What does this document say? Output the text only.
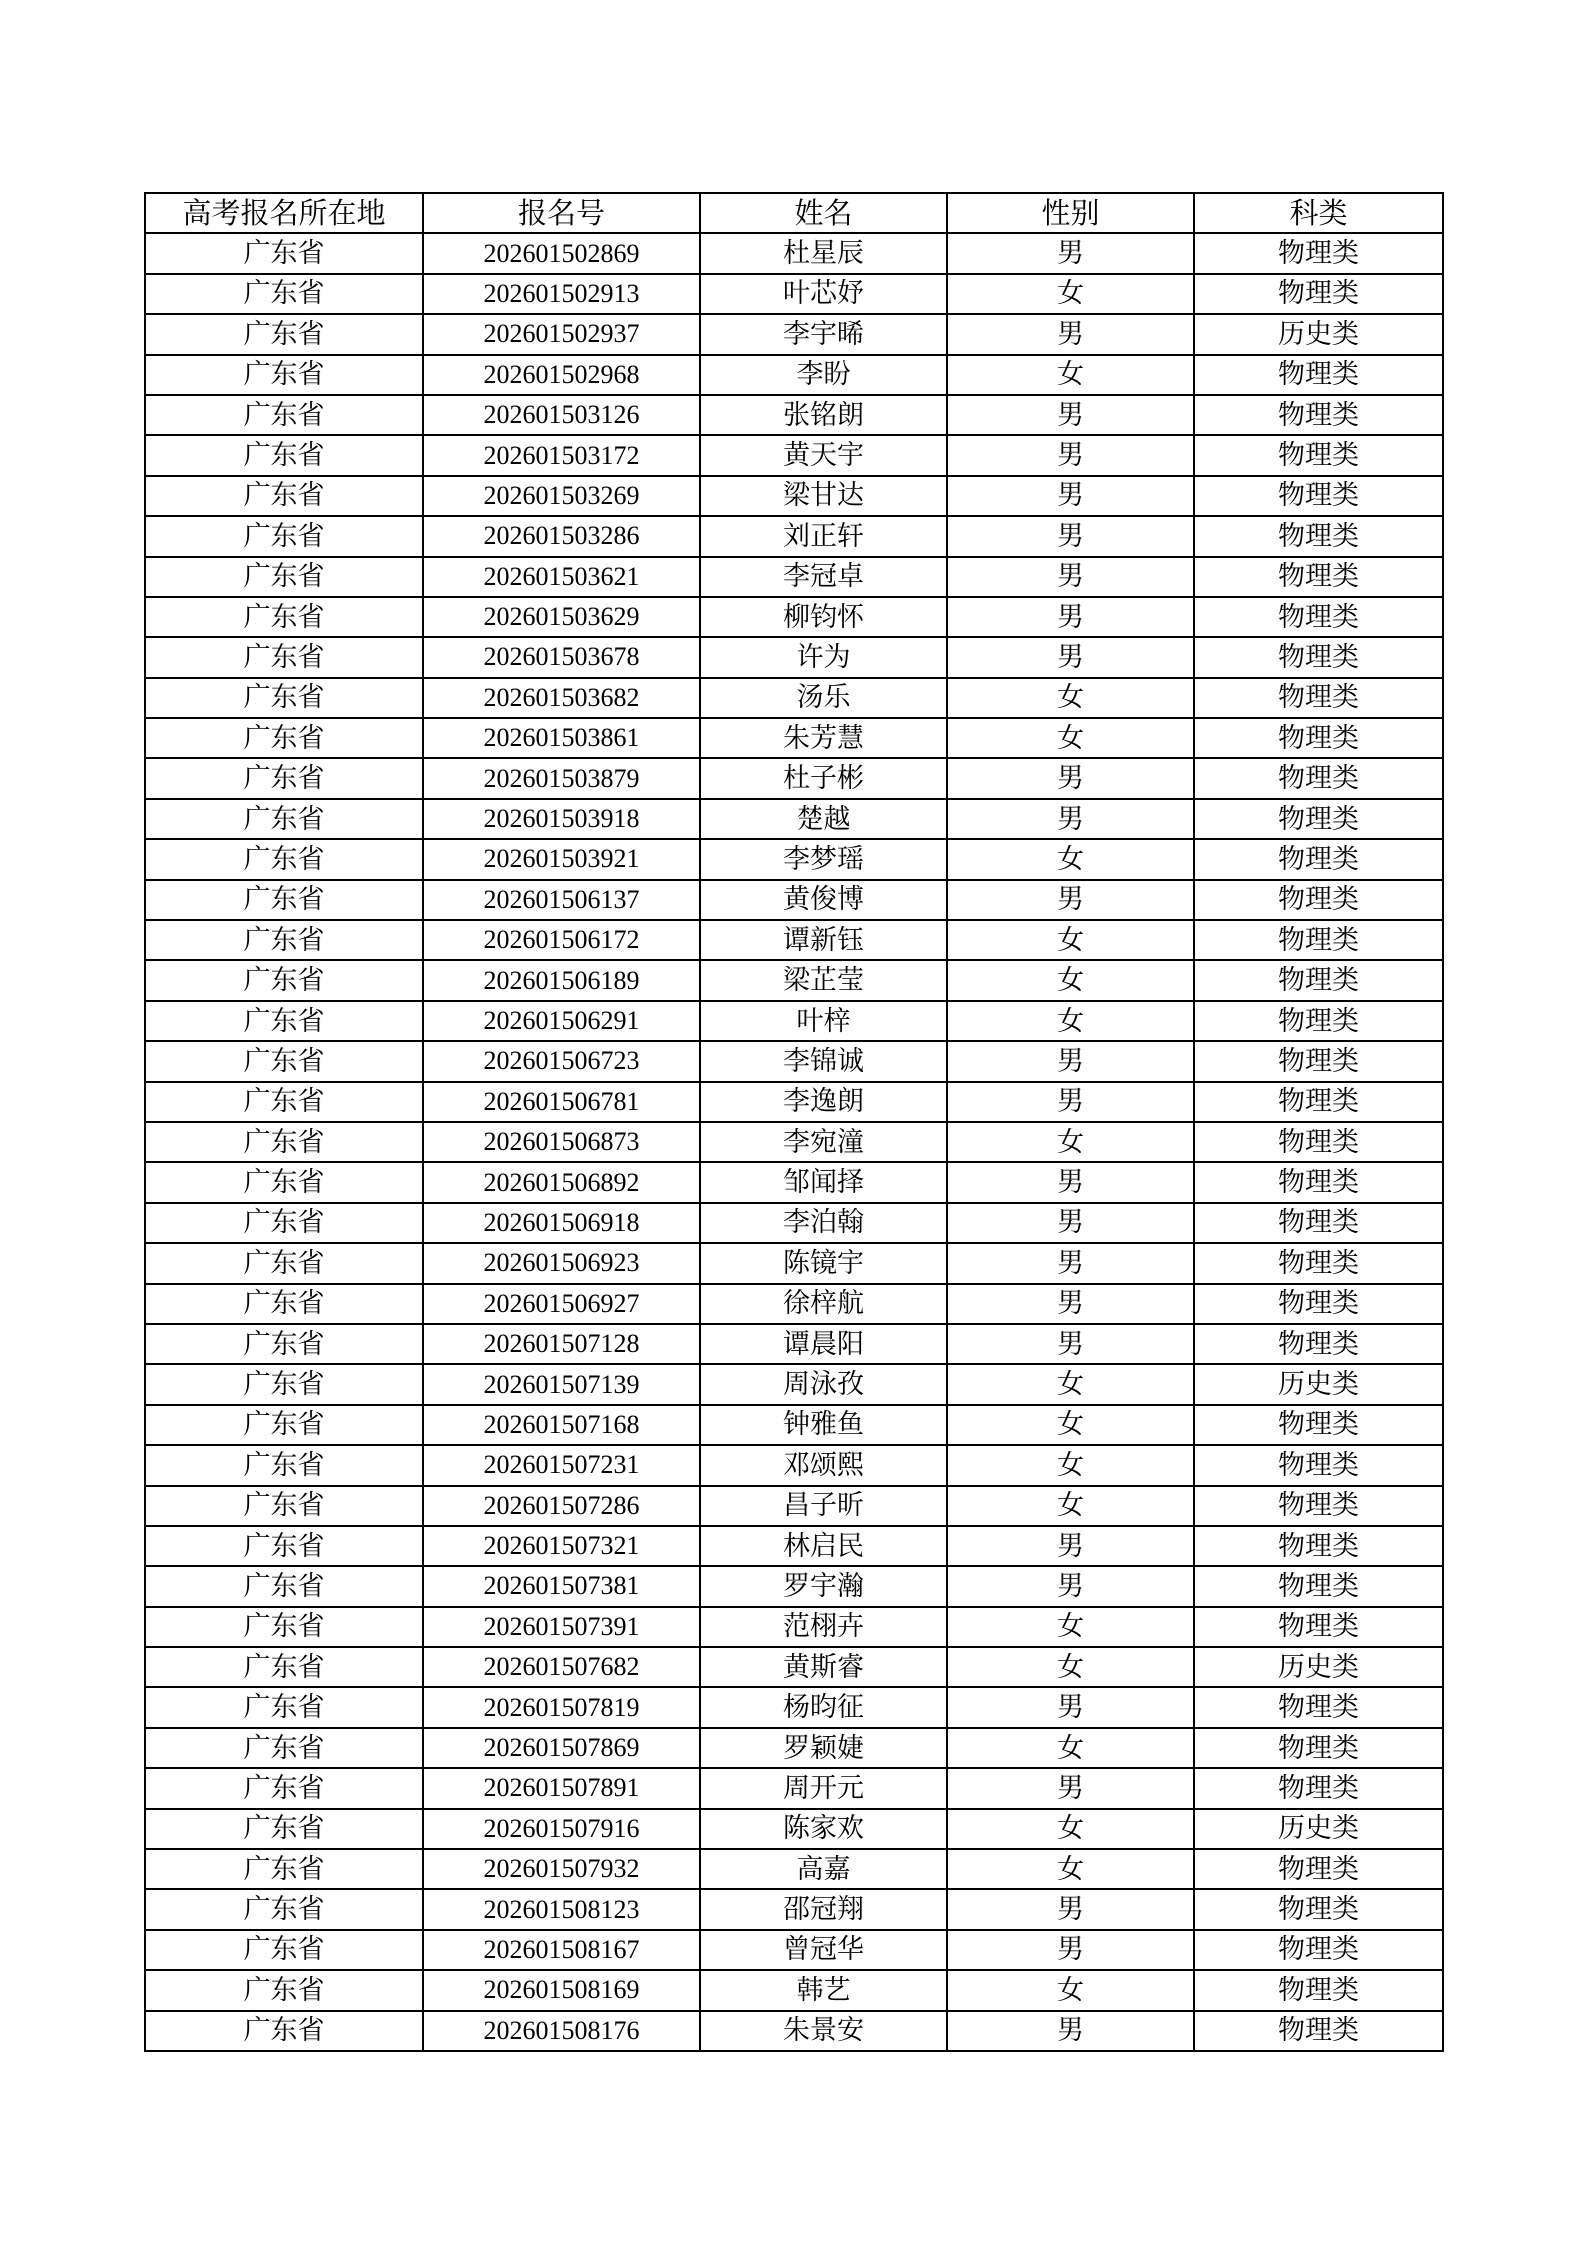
高考报名所在地	报名号	姓名	性别	科类
广东省	202601502869	杜星辰	男	物理类
广东省	202601502913	叶芯妤	女	物理类
广东省	202601502937	李宇晞	男	历史类
广东省	202601502968	李盼	女	物理类
广东省	202601503126	张铭朗	男	物理类
广东省	202601503172	黄天宇	男	物理类
广东省	202601503269	梁甘达	男	物理类
广东省	202601503286	刘正轩	男	物理类
广东省	202601503621	李冠卓	男	物理类
广东省	202601503629	柳钧怀	男	物理类
广东省	202601503678	许为	男	物理类
广东省	202601503682	汤乐	女	物理类
广东省	202601503861	朱芳慧	女	物理类
广东省	202601503879	杜子彬	男	物理类
广东省	202601503918	楚越	男	物理类
广东省	202601503921	李梦瑶	女	物理类
广东省	202601506137	黄俊博	男	物理类
广东省	202601506172	谭新钰	女	物理类
广东省	202601506189	梁芷莹	女	物理类
广东省	202601506291	叶梓	女	物理类
广东省	202601506723	李锦诚	男	物理类
广东省	202601506781	李逸朗	男	物理类
广东省	202601506873	李宛潼	女	物理类
广东省	202601506892	邹闻择	男	物理类
广东省	202601506918	李泊翰	男	物理类
广东省	202601506923	陈镜宇	男	物理类
广东省	202601506927	徐梓航	男	物理类
广东省	202601507128	谭晨阳	男	物理类
广东省	202601507139	周泳孜	女	历史类
广东省	202601507168	钟雅鱼	女	物理类
广东省	202601507231	邓颂熙	女	物理类
广东省	202601507286	昌子昕	女	物理类
广东省	202601507321	林启民	男	物理类
广东省	202601507381	罗宇瀚	男	物理类
广东省	202601507391	范栩卉	女	物理类
广东省	202601507682	黄斯睿	女	历史类
广东省	202601507819	杨昀征	男	物理类
广东省	202601507869	罗颖婕	女	物理类
广东省	202601507891	周开元	男	物理类
广东省	202601507916	陈家欢	女	历史类
广东省	202601507932	高嘉	女	物理类
广东省	202601508123	邵冠翔	男	物理类
广东省	202601508167	曾冠华	男	物理类
广东省	202601508169	韩艺	女	物理类
广东省	202601508176	朱景安	男	物理类
